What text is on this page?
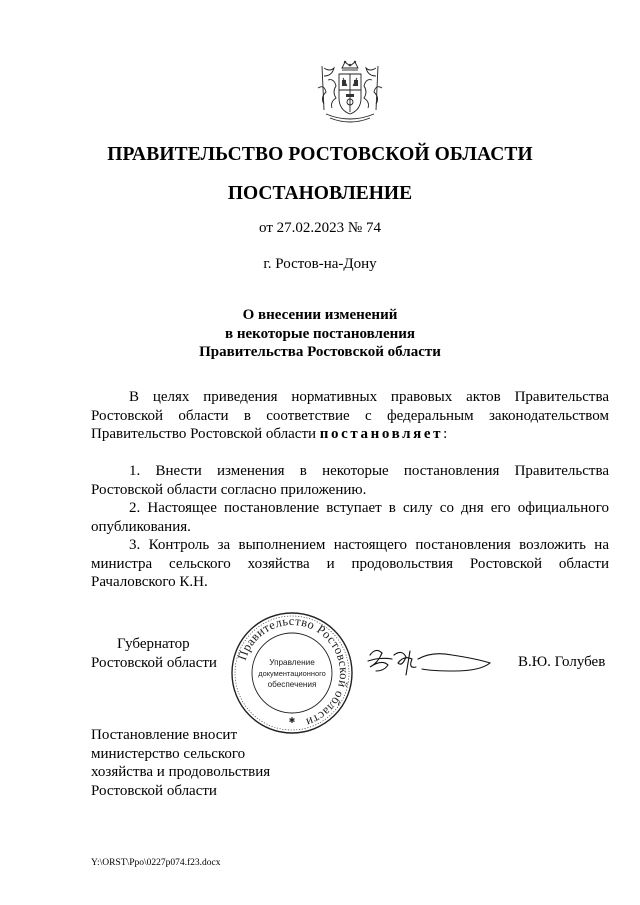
ПРАВИТЕЛЬСТВО РОСТОВСКОЙ ОБЛАСТИ
ПОСТАНОВЛЕНИЕ
от 27.02.2023 № 74
г. Ростов-на-Дону
О внесении изменений
в некоторые постановления
Правительства Ростовской области

В целях приведения нормативных правовых актов Правительства Ростовской области в соответствие с федеральным законодательством Правительство Ростовской области постановляет:

1. Внести изменения в некоторые постановления Правительства Ростовской области согласно приложению.

2. Настоящее постановление вступает в силу со дня его официального опубликования.

3. Контроль за выполнением настоящего постановления возложить на министра сельского хозяйства и продовольствия Ростовской области Рачаловского К.Н.

Губернатор
Ростовской области Правительство Ростовской области
Управление
документационного
обеспечения
✱
В.Ю. Голубев
Постановление вносит
министерство сельского
хозяйства и продовольствия
Ростовской области
Y:\ORST\Ppo\0227p074.f23.docx
